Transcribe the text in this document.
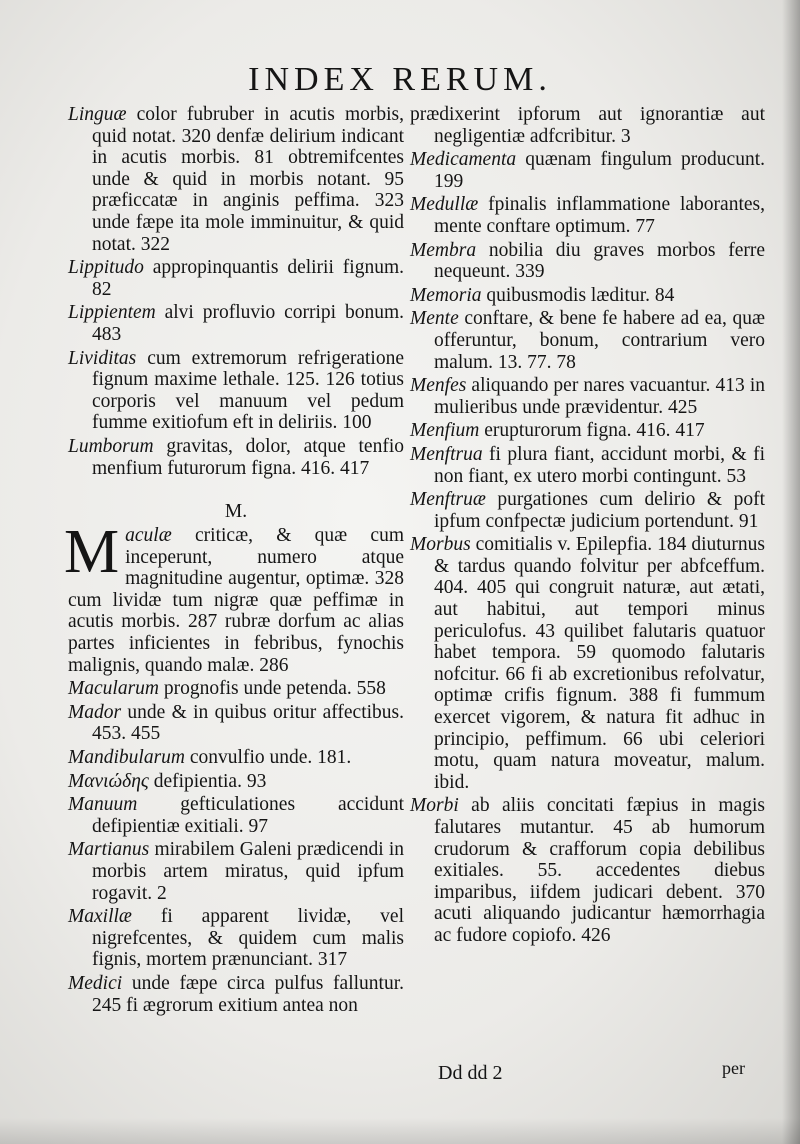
INDEX RERUM.

Linguæ color fubruber in acutis morbis, quid notat. 320 denfæ delirium indicant in acutis morbis. 81 obtremifcentes unde & quid in morbis notant. 95 præficcatæ in anginis peffima. 323 unde fæpe ita mole imminuitur, & quid notat. 322

Lippitudo appropinquantis delirii fignum. 82

Lippientem alvi profluvio corripi bonum. 483

Lividitas cum extremorum refrigeratione fignum maxime lethale. 125. 126 totius corporis vel manuum vel pedum fumme exitiofum eft in deliriis. 100

Lumborum gravitas, dolor, atque tenfio menfium futurorum figna. 416. 417

M.

Maculæ criticæ, & quæ cum inceperunt, numero atque magnitudine augentur, optimæ. 328 cum lividæ tum nigræ quæ peffimæ in acutis morbis. 287 rubræ dorfum ac alias partes inficientes in febribus, fynochis malignis, quando malæ. 286

Macularum prognofis unde petenda. 558

Mador unde & in quibus oritur affectibus. 453. 455

Mandibularum convulfio unde. 181.

Μανιώδης defipientia. 93

Manuum gefticulationes accidunt defipientiæ exitiali. 97

Martianus mirabilem Galeni prædicendi in morbis artem miratus, quid ipfum rogavit. 2

Maxillæ fi apparent lividæ, vel nigrefcentes, & quidem cum malis fignis, mortem prænunciant. 317

Medici unde fæpe circa pulfus falluntur. 245 fi ægrorum exitium antea non

prædixerint ipforum aut ignorantiæ aut negligentiæ adfcribitur. 3

Medicamenta quænam fingulum producunt. 199

Medullæ fpinalis inflammatione laborantes, mente conftare optimum. 77

Membra nobilia diu graves morbos ferre nequeunt. 339

Memoria quibusmodis læditur. 84

Mente conftare, & bene fe habere ad ea, quæ offeruntur, bonum, contrarium vero malum. 13. 77. 78

Menfes aliquando per nares vacuantur. 413 in mulieribus unde prævidentur. 425

Menfium erupturorum figna. 416. 417

Menftrua fi plura fiant, accidunt morbi, & fi non fiant, ex utero morbi contingunt. 53

Menftruæ purgationes cum delirio & poft ipfum confpectæ judicium portendunt. 91

Morbus comitialis v. Epilepfia. 184 diuturnus & tardus quando folvitur per abfceffum. 404. 405 qui congruit naturæ, aut ætati, aut habitui, aut tempori minus periculofus. 43 quilibet falutaris quatuor habet tempora. 59 quomodo falutaris nofcitur. 66 fi ab excretionibus refolvatur, optimæ crifis fignum. 388 fi fummum exercet vigorem, & natura fit adhuc in principio, peffimum. 66 ubi celeriori motu, quam natura moveatur, malum. ibid.

Morbi ab aliis concitati fæpius in magis falutares mutantur. 45 ab humorum crudorum & crafforum copia debilibus exitiales. 55. accedentes diebus imparibus, iifdem judicari debent. 370 acuti aliquando judicantur hæmorrhagia ac fudore copiofo. 426

Dd dd 2	per
